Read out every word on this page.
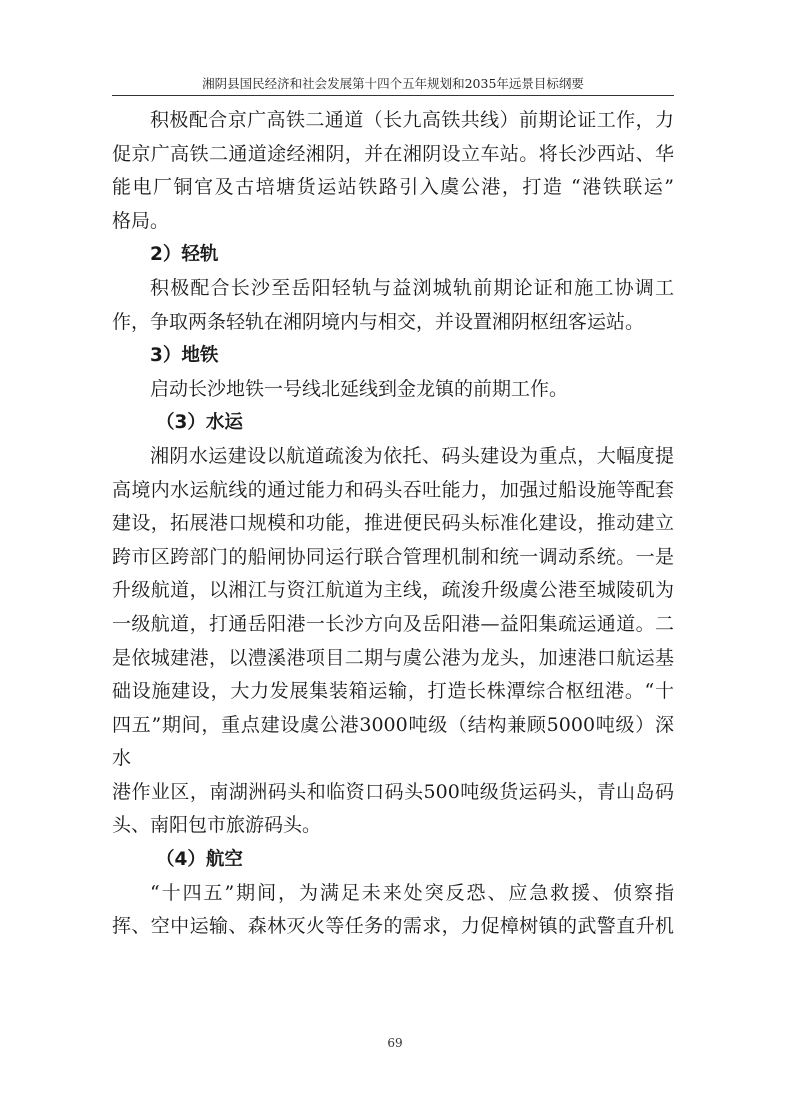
湘阴县国民经济和社会发展第十四个五年规划和2035年远景目标纲要

积极配合京广高铁二通道（长九高铁共线）前期论证工作，力

促京广高铁二通道途经湘阴，并在湘阴设立车站。将长沙西站、华

能电厂铜官及古培塘货运站铁路引入虞公港，打造 “港铁联运”

格局。

2）轻轨

积极配合长沙至岳阳轻轨与益浏城轨前期论证和施工协调工

作，争取两条轻轨在湘阴境内与相交，并设置湘阴枢纽客运站。

3）地铁

启动长沙地铁一号线北延线到金龙镇的前期工作。

（3）水运

湘阴水运建设以航道疏浚为依托、码头建设为重点，大幅度提

高境内水运航线的通过能力和码头吞吐能力，加强过船设施等配套

建设，拓展港口规模和功能，推进便民码头标准化建设，推动建立

跨市区跨部门的船闸协同运行联合管理机制和统一调动系统。一是

升级航道，以湘江与资江航道为主线，疏浚升级虞公港至城陵矶为

一级航道，打通岳阳港一长沙方向及岳阳港—益阳集疏运通道。二

是依城建港，以澧溪港项目二期与虞公港为龙头，加速港口航运基

础设施建设，大力发展集装箱运输，打造长株潭综合枢纽港。“十

四五”期间，重点建设虞公港3000吨级（结构兼顾5000吨级）深水

港作业区，南湖洲码头和临资口码头500吨级货运码头，青山岛码

头、南阳包市旅游码头。

（4）航空

“十四五”期间，为满足未来处突反恐、应急救援、侦察指

挥、空中运输、森林灭火等任务的需求，力促樟树镇的武警直升机

69
